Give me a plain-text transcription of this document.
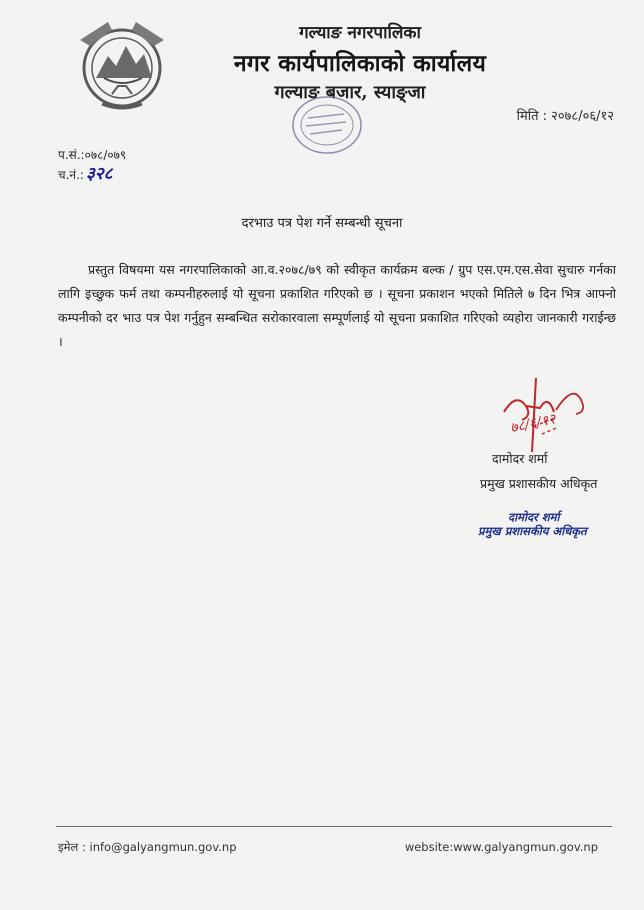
गल्याङ नगरपालिका
नगर कार्यपालिकाको कार्यालय
गल्याङ बजार, स्याङ्जा
मिति : २०७८/०६/१२
प.सं.:०७८/०७९
च.नं.: ३२८
दरभाउ पत्र पेश गर्ने सम्बन्धी सूचना

प्रस्तुत विषयमा यस नगरपालिकाको आ.व.२०७८/७९ को स्वीकृत कार्यक्रम बल्क / ग्रुप एस.एम.एस.सेवा सुचारु गर्नका लागि इच्छुक फर्म तथा कम्पनीहरुलाई यो सूचना प्रकाशित गरिएको छ । सूचना प्रकाशन भएको मितिले ७ दिन भित्र आफ्नो कम्पनीको दर भाउ पत्र पेश गर्नुहुन सम्बन्धित सरोकारवाला सम्पूर्णलाई यो सूचना प्रकाशित गरिएको व्यहोरा जानकारी गराईन्छ ।

७८/६/१२
दामोदर शर्मा
प्रमुख प्रशासकीय अधिकृत
दामोदर शर्मा
प्रमुख प्रशासकीय अधिकृत
इमेल : info@galyangmun.gov.np	website:www.galyangmun.gov.np
